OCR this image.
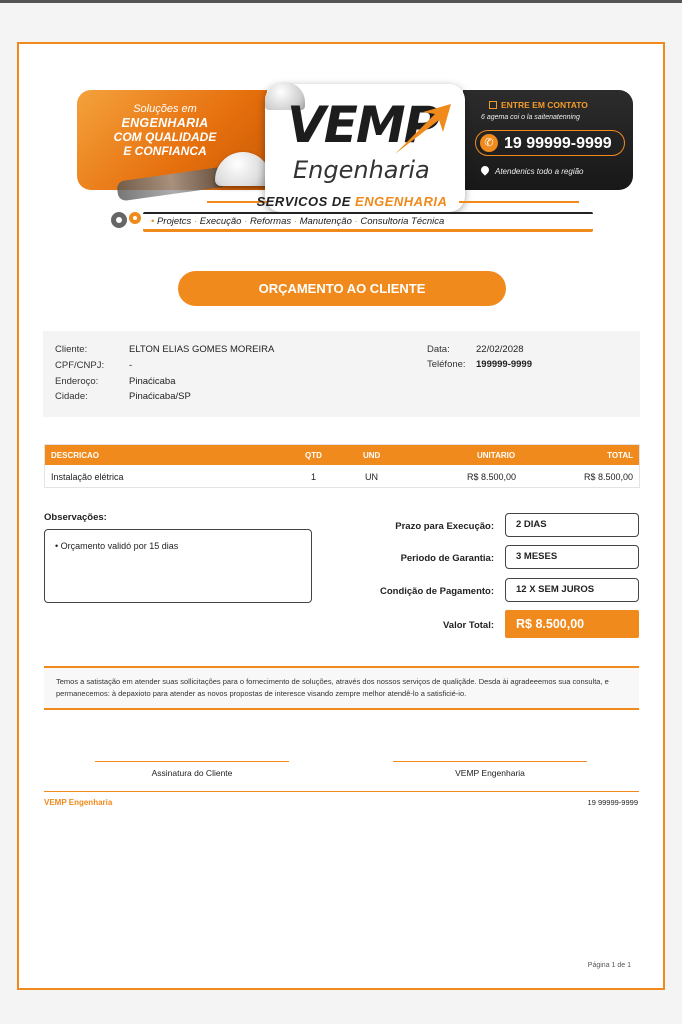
Soluções em
ENGENHARIA
COM QUALIDADE
E CONFIANCA
ENTRE EM CONTATO
6 agema coi o la saitenatenning
✆ 19 99999-9999
Atendenics todo a região
VEMP
Engenharia
SERVICOS DE ENGENHARIA
• Projetcs · Execução · Reformas · Manutenção · Consultoria Técnica
ORÇAMENTO AO CLIENTE
Cliente:	ELTON ELIAS GOMES MOREIRA
CPF/CNPJ:	-
Enderoço:	Pinaćicaba
Cidade:	Pinaćicaba/SP
Data:	22/02/2028
Teléfone: 199999-9999
DESCRICAO	QTD	UND	UNITARIO	TOTAL
Instalação elétrica	1	UN	R$ 8.500,00	R$ 8.500,00
Observações:
• Orçamento validó por 15 dias
Prazo para Execução:	2 DIAS
Periodo de Garantia:	3 MESES
Condição de Pagamento:	12 X SEM JUROS
Valor Total:	R$ 8.500,00
Temos a satistação em atender suas sollicitações para o fornecimento de soluções, através dos nossos serviços de qualiçãde. Desda ài agradeeemos sua consulta, e permanecemos: à depaxioto para atender as novos propostas de interesce visando zempre melhor atendê-lo a satisficié-io.
Assinatura do Cliente	VEMP Engenharia
VEMP Engenharia	19 99999-9999
Página 1 de 1
